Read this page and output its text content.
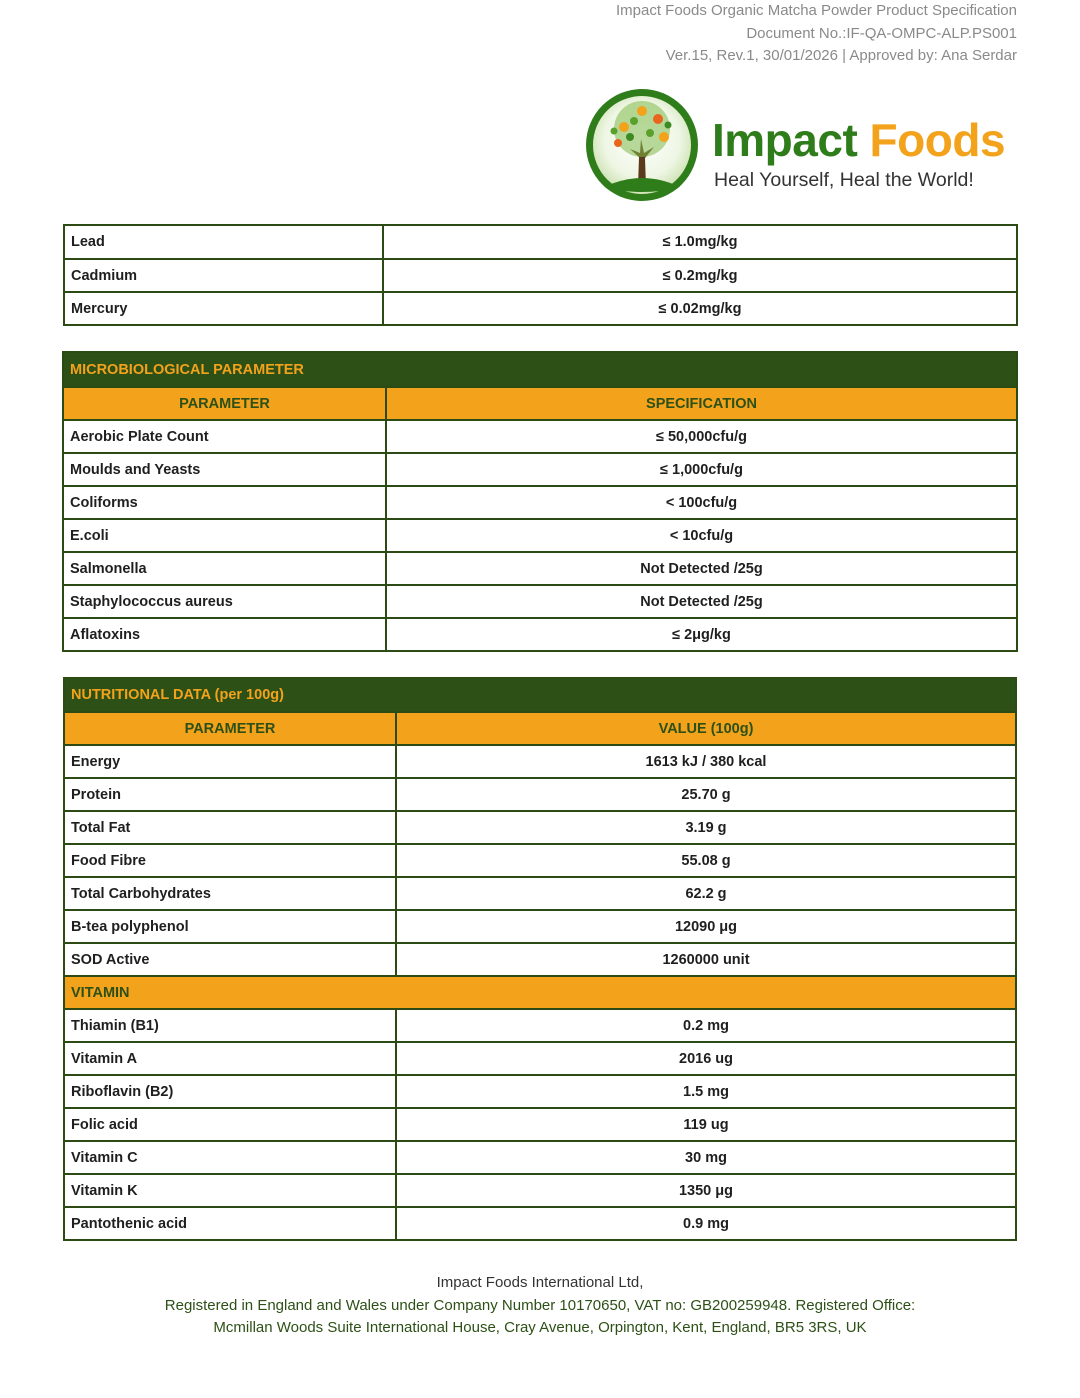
Impact Foods Organic Matcha Powder Product Specification
Document No.:IF-QA-OMPC-ALP.PS001
Ver.15, Rev.1, 30/01/2026 | Approved by: Ana Serdar
Impact Foods
Heal Yourself, Heal the World!
Lead	≤ 1.0mg/kg
Cadmium	≤ 0.2mg/kg
Mercury	≤ 0.02mg/kg
MICROBIOLOGICAL PARAMETER	
PARAMETER	SPECIFICATION
Aerobic Plate Count	≤ 50,000cfu/g
Moulds and Yeasts	≤ 1,000cfu/g
Coliforms	< 100cfu/g
E.coli	< 10cfu/g
Salmonella	Not Detected /25g
Staphylococcus aureus	Not Detected /25g
Aflatoxins	≤ 2μg/kg
NUTRITIONAL DATA (per 100g)	
PARAMETER	VALUE (100g)
Energy	1613 kJ / 380 kcal
Protein	25.70 g
Total Fat	3.19 g
Food Fibre	55.08 g
Total Carbohydrates	62.2 g
B-tea polyphenol	12090 μg
SOD Active	1260000 unit
VITAMIN	
Thiamin (B1)	0.2 mg
Vitamin A	2016 ug
Riboflavin (B2)	1.5 mg
Folic acid	119 ug
Vitamin C	30 mg
Vitamin K	1350 μg
Pantothenic acid	0.9 mg
Impact Foods International Ltd,
Registered in England and Wales under Company Number 10170650, VAT no: GB200259948. Registered Office:
Mcmillan Woods Suite International House, Cray Avenue, Orpington, Kent, England, BR5 3RS, UK
